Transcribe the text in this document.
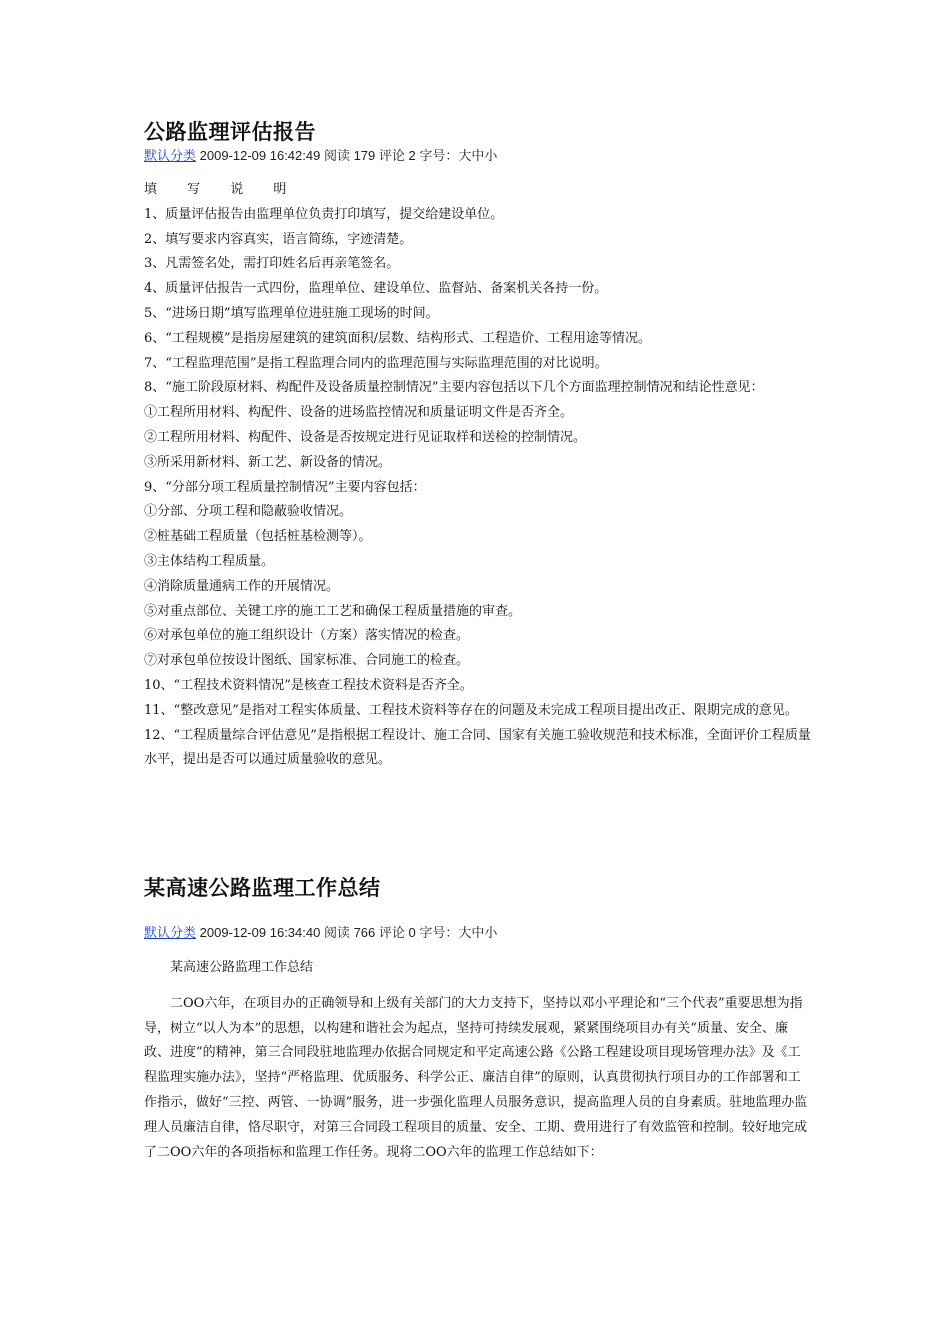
公路监理评估报告
默认分类 2009-12-09 16:42:49 阅读 179 评论 2 字号：大中小
填 写 说 明
1、质量评估报告由监理单位负责打印填写，提交给建设单位。
2、填写要求内容真实，语言简练，字迹清楚。
3、凡需签名处，需打印姓名后再亲笔签名。
4、质量评估报告一式四份，监理单位、建设单位、监督站、备案机关各持一份。
5、“进场日期”填写监理单位进驻施工现场的时间。
6、“工程规模”是指房屋建筑的建筑面积/层数、结构形式、工程造价、工程用途等情况。
7、“工程监理范围”是指工程监理合同内的监理范围与实际监理范围的对比说明。
8、“施工阶段原材料、构配件及设备质量控制情况”主要内容包括以下几个方面监理控制情况和结论性意见：
①工程所用材料、构配件、设备的进场监控情况和质量证明文件是否齐全。
②工程所用材料、构配件、设备是否按规定进行见证取样和送检的控制情况。
③所采用新材料、新工艺、新设备的情况。
9、“分部分项工程质量控制情况”主要内容包括：
①分部、分项工程和隐蔽验收情况。
②桩基础工程质量（包括桩基检测等）。
③主体结构工程质量。
④消除质量通病工作的开展情况。
⑤对重点部位、关键工序的施工工艺和确保工程质量措施的审查。
⑥对承包单位的施工组织设计（方案）落实情况的检查。
⑦对承包单位按设计图纸、国家标准、合同施工的检查。
10、“工程技术资料情况”是核查工程技术资料是否齐全。
11、“整改意见”是指对工程实体质量、工程技术资料等存在的问题及未完成工程项目提出改正、限期完成的意见。
12、“工程质量综合评估意见”是指根据工程设计、施工合同、国家有关施工验收规范和技术标准，全面评价工程质量水平，提出是否可以通过质量验收的意见。
某高速公路监理工作总结
默认分类 2009-12-09 16:34:40 阅读 766 评论 0 字号：大中小
某高速公路监理工作总结
二OO六年，在项目办的正确领导和上级有关部门的大力支持下，坚持以邓小平理论和“三个代表”重要思想为指导，树立“以人为本”的思想，以构建和谐社会为起点，坚持可持续发展观，紧紧围绕项目办有关“质量、安全、廉政、进度”的精神，第三合同段驻地监理办依据合同规定和平定高速公路《公路工程建设项目现场管理办法》及《工程监理实施办法》，坚持“严格监理、优质服务、科学公正、廉洁自律”的原则，认真贯彻执行项目办的工作部署和工作指示，做好“三控、两管、一协调”服务，进一步强化监理人员服务意识，提高监理人员的自身素质。驻地监理办监理人员廉洁自律，恪尽职守，对第三合同段工程项目的质量、安全、工期、费用进行了有效监管和控制。较好地完成了二OO六年的各项指标和监理工作任务。现将二OO六年的监理工作总结如下：
